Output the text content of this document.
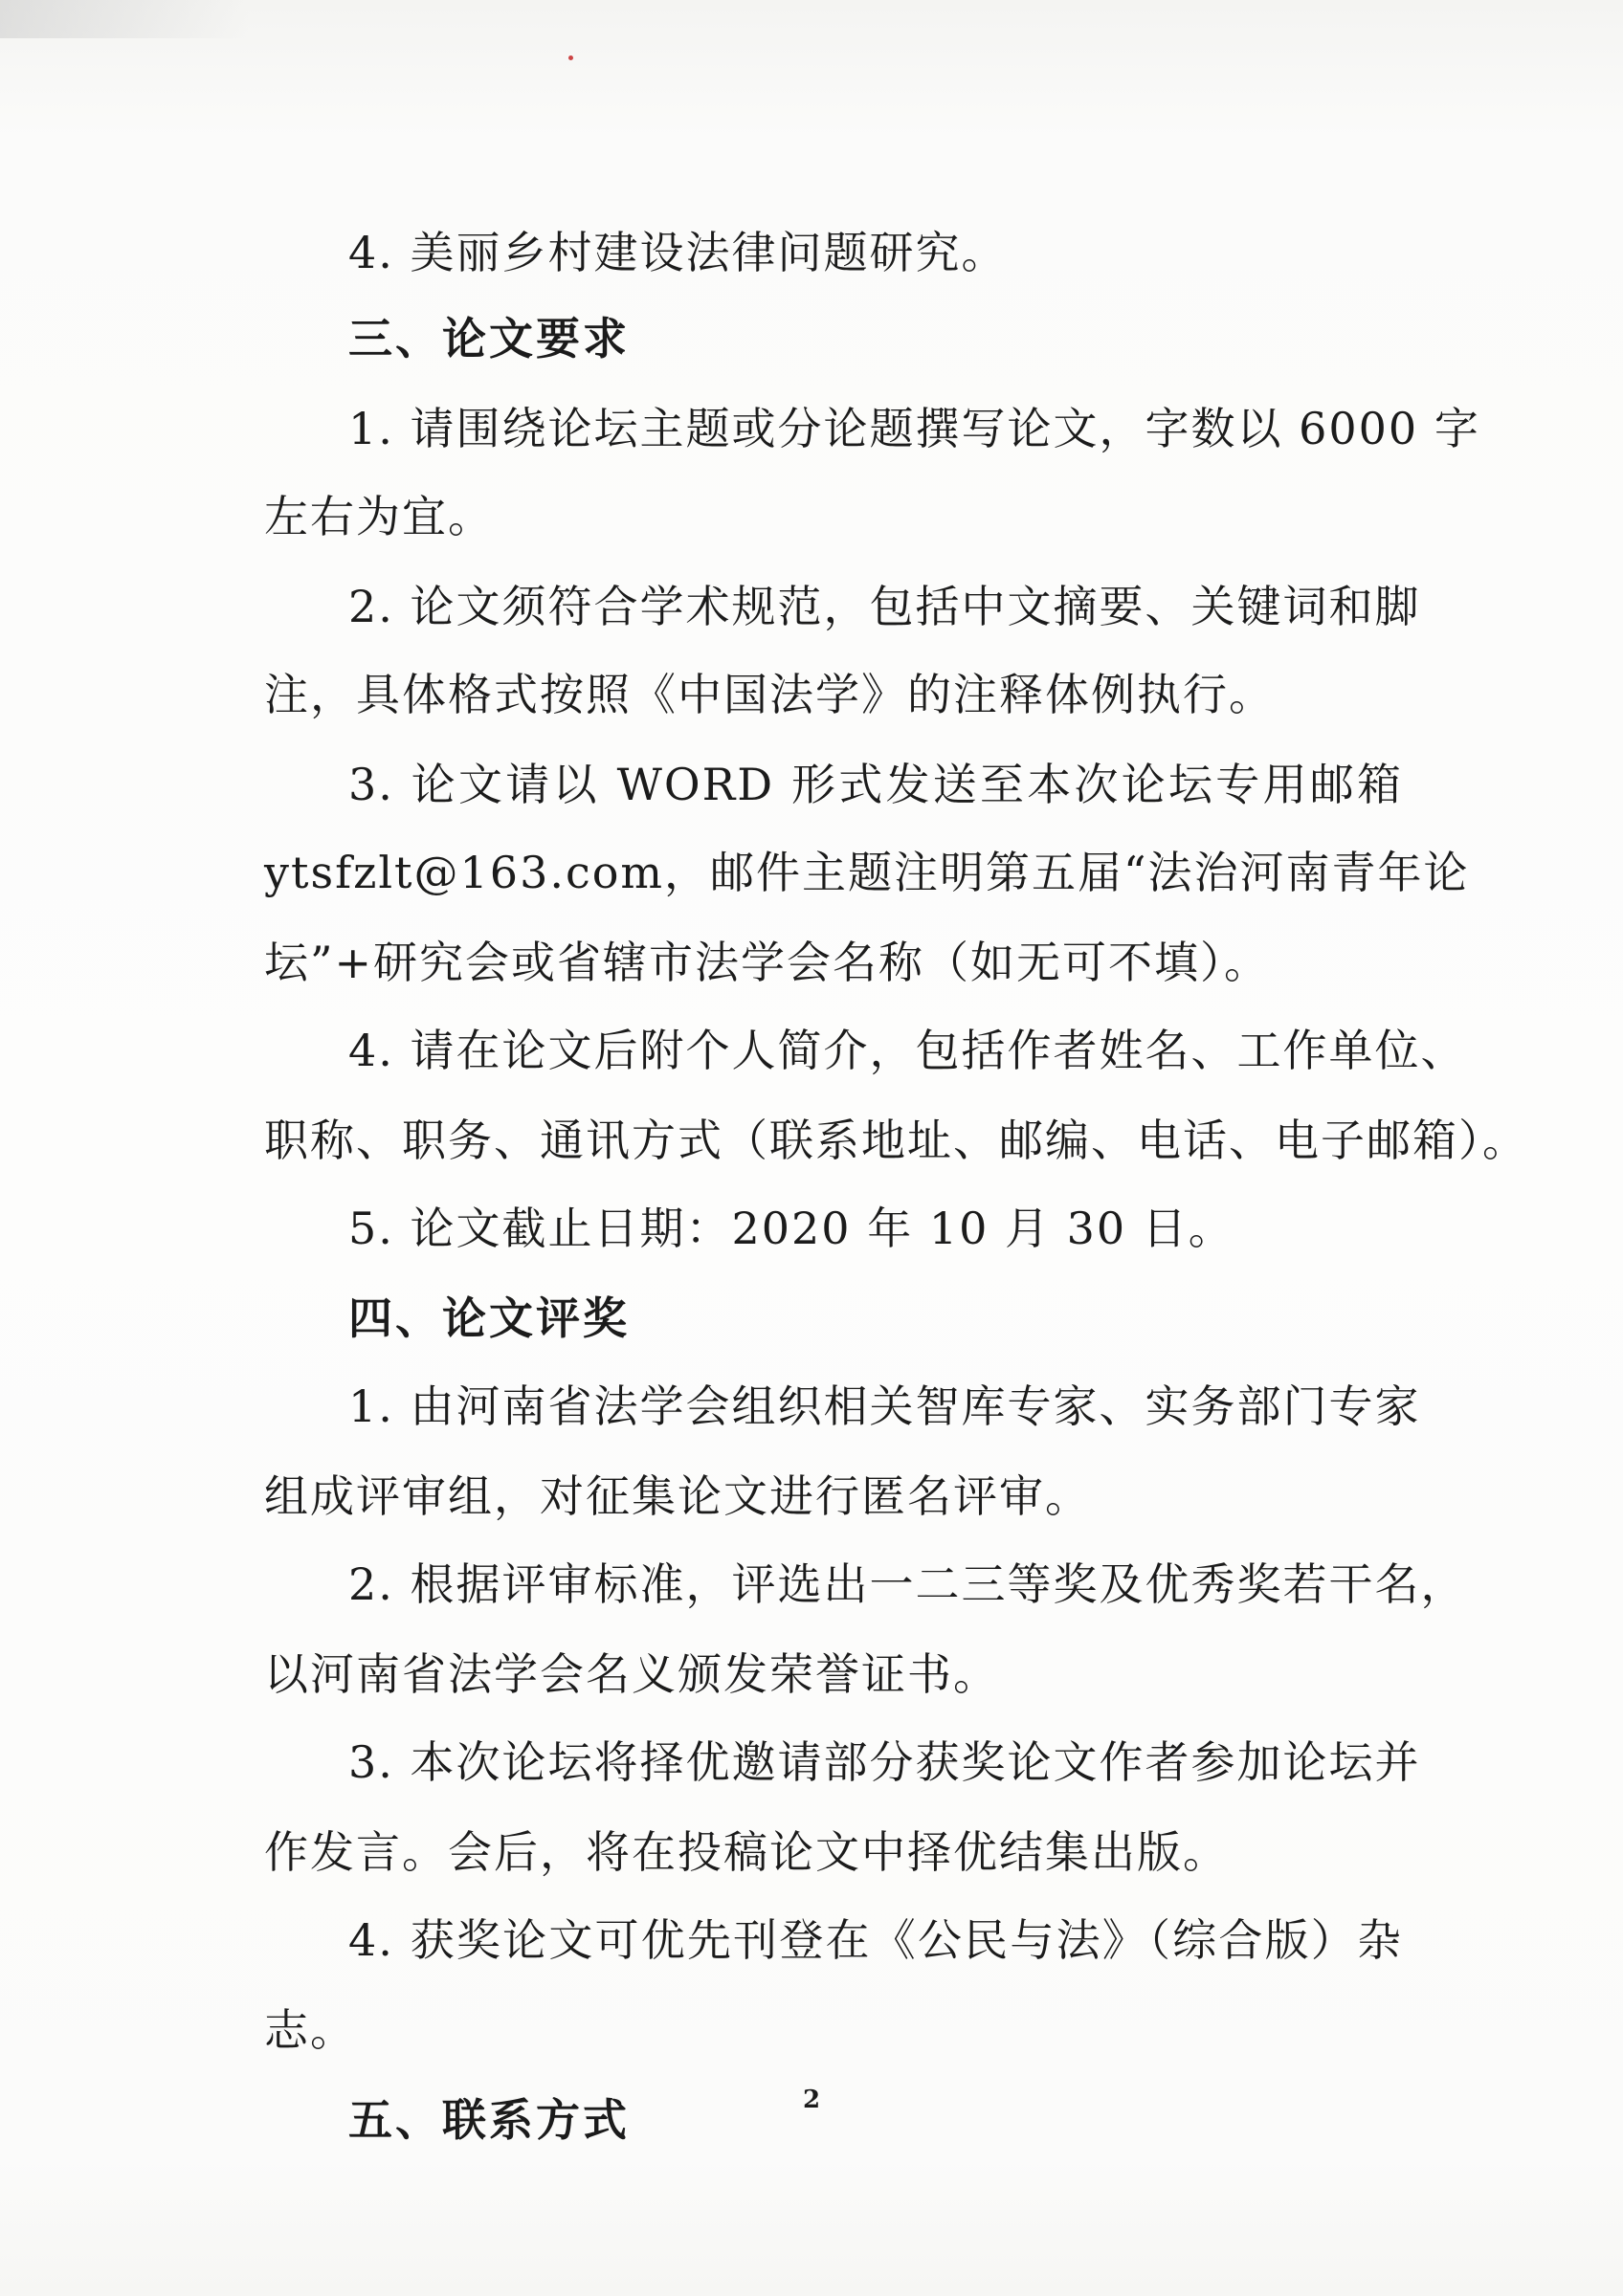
4. 美丽乡村建设法律问题研究。
三、论文要求
1. 请围绕论坛主题或分论题撰写论文，字数以 6000 字
左右为宜。
2. 论文须符合学术规范，包括中文摘要、关键词和脚
注，具体格式按照《中国法学》的注释体例执行。
3. 论文请以 WORD 形式发送至本次论坛专用邮箱
ytsfzlt@163.com，邮件主题注明第五届“法治河南青年论
坛”+研究会或省辖市法学会名称（如无可不填）。
4. 请在论文后附个人简介，包括作者姓名、工作单位、
职称、职务、通讯方式（联系地址、邮编、电话、电子邮箱）。
5. 论文截止日期：2020 年 10 月 30 日。
四、论文评奖
1. 由河南省法学会组织相关智库专家、实务部门专家
组成评审组，对征集论文进行匿名评审。
2. 根据评审标准，评选出一二三等奖及优秀奖若干名，
以河南省法学会名义颁发荣誉证书。
3. 本次论坛将择优邀请部分获奖论文作者参加论坛并
作发言。会后，将在投稿论文中择优结集出版。
4. 获奖论文可优先刊登在《公民与法》（综合版）杂
志。
五、联系方式	2
